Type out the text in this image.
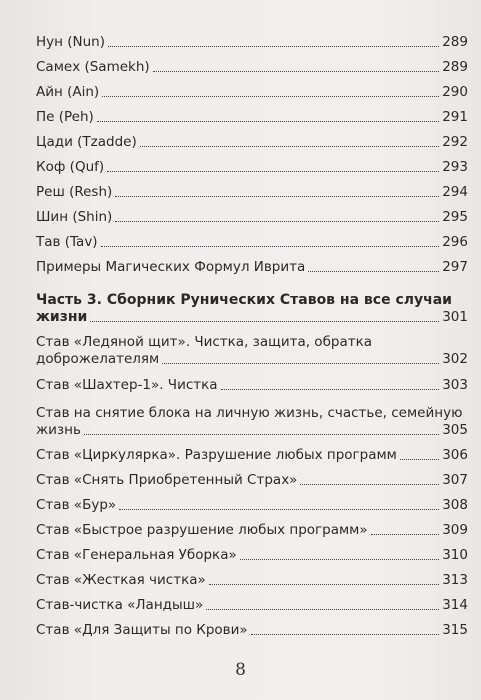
Нун (Nun)	289
Самех (Samekh)	289
Айн (Ain)	290
Пе (Peh)	291
Цади (Tzadde)	292
Коф (Quf)	293
Реш (Resh)	294
Шин (Shin)	295
Тав (Tav)	296
Примеры Магических Формул Иврита	297
Часть 3. Сборник Рунических Ставов на все случаи
жизни	301
Став «Ледяной щит». Чистка, защита, обратка
доброжелателям	302
Став «Шахтер-1». Чистка	303
Став на снятие блока на личную жизнь, счастье, семейную
жизнь	305
Став «Циркулярка». Разрушение любых программ	306
Став «Снять Приобретенный Страх»	307
Став «Бур»	308
Став «Быстрое разрушение любых программ»	309
Став «Генеральная Уборка»	310
Став «Жесткая чистка»	313
Став-чистка «Ландыш»	314
Став «Для Защиты по Крови»	315
8
